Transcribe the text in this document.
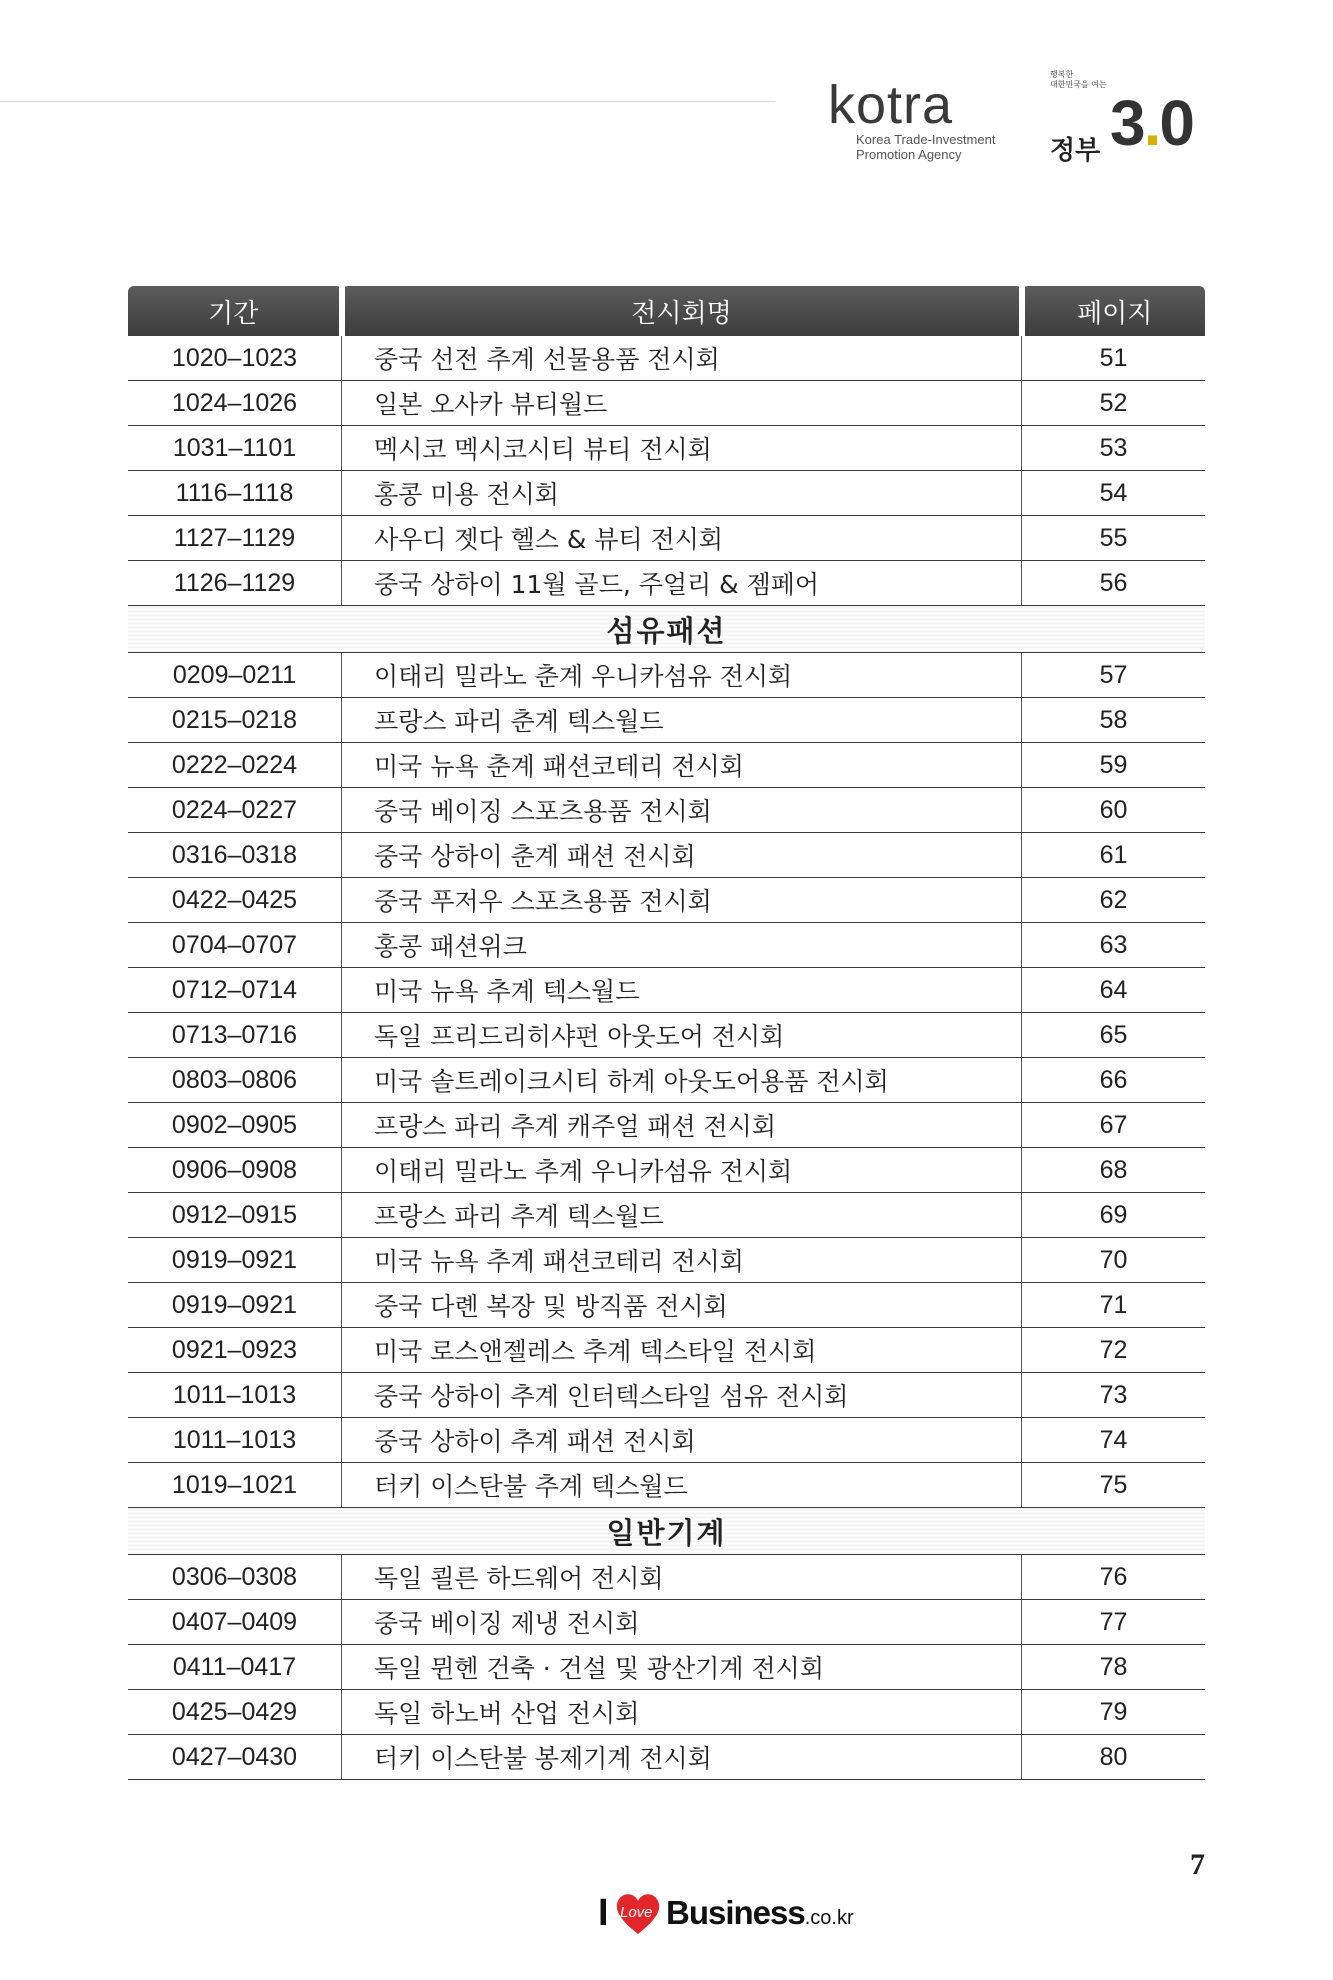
kotra
Korea Trade-Investment
Promotion Agency
행복한
대한민국을 여는
정부 3.0
기간	전시회명	페이지
1020–1023	중국 선전 추계 선물용품 전시회	51
1024–1026	일본 오사카 뷰티월드	52
1031–1101	멕시코 멕시코시티 뷰티 전시회	53
1116–1118	홍콩 미용 전시회	54
1127–1129	사우디 젯다 헬스 & 뷰티 전시회	55
1126–1129	중국 상하이 11월 골드, 주얼리 & 젬페어	56
섬유패션		
0209–0211	이태리 밀라노 춘계 우니카섬유 전시회	57
0215–0218	프랑스 파리 춘계 텍스월드	58
0222–0224	미국 뉴욕 춘계 패션코테리 전시회	59
0224–0227	중국 베이징 스포츠용품 전시회	60
0316–0318	중국 상하이 춘계 패션 전시회	61
0422–0425	중국 푸저우 스포츠용품 전시회	62
0704–0707	홍콩 패션위크	63
0712–0714	미국 뉴욕 추계 텍스월드	64
0713–0716	독일 프리드리히샤펀 아웃도어 전시회	65
0803–0806	미국 솔트레이크시티 하계 아웃도어용품 전시회	66
0902–0905	프랑스 파리 추계 캐주얼 패션 전시회	67
0906–0908	이태리 밀라노 추계 우니카섬유 전시회	68
0912–0915	프랑스 파리 추계 텍스월드	69
0919–0921	미국 뉴욕 추계 패션코테리 전시회	70
0919–0921	중국 다롄 복장 및 방직품 전시회	71
0921–0923	미국 로스앤젤레스 추계 텍스타일 전시회	72
1011–1013	중국 상하이 추계 인터텍스타일 섬유 전시회	73
1011–1013	중국 상하이 추계 패션 전시회	74
1019–1021	터키 이스탄불 추계 텍스월드	75
일반기계		
0306–0308	독일 쾰른 하드웨어 전시회	76
0407–0409	중국 베이징 제냉 전시회	77
0411–0417	독일 뮌헨 건축 · 건설 및 광산기계 전시회	78
0425–0429	독일 하노버 산업 전시회	79
0427–0430	터키 이스탄불 봉제기계 전시회	80
7
I Love Business.co.kr
